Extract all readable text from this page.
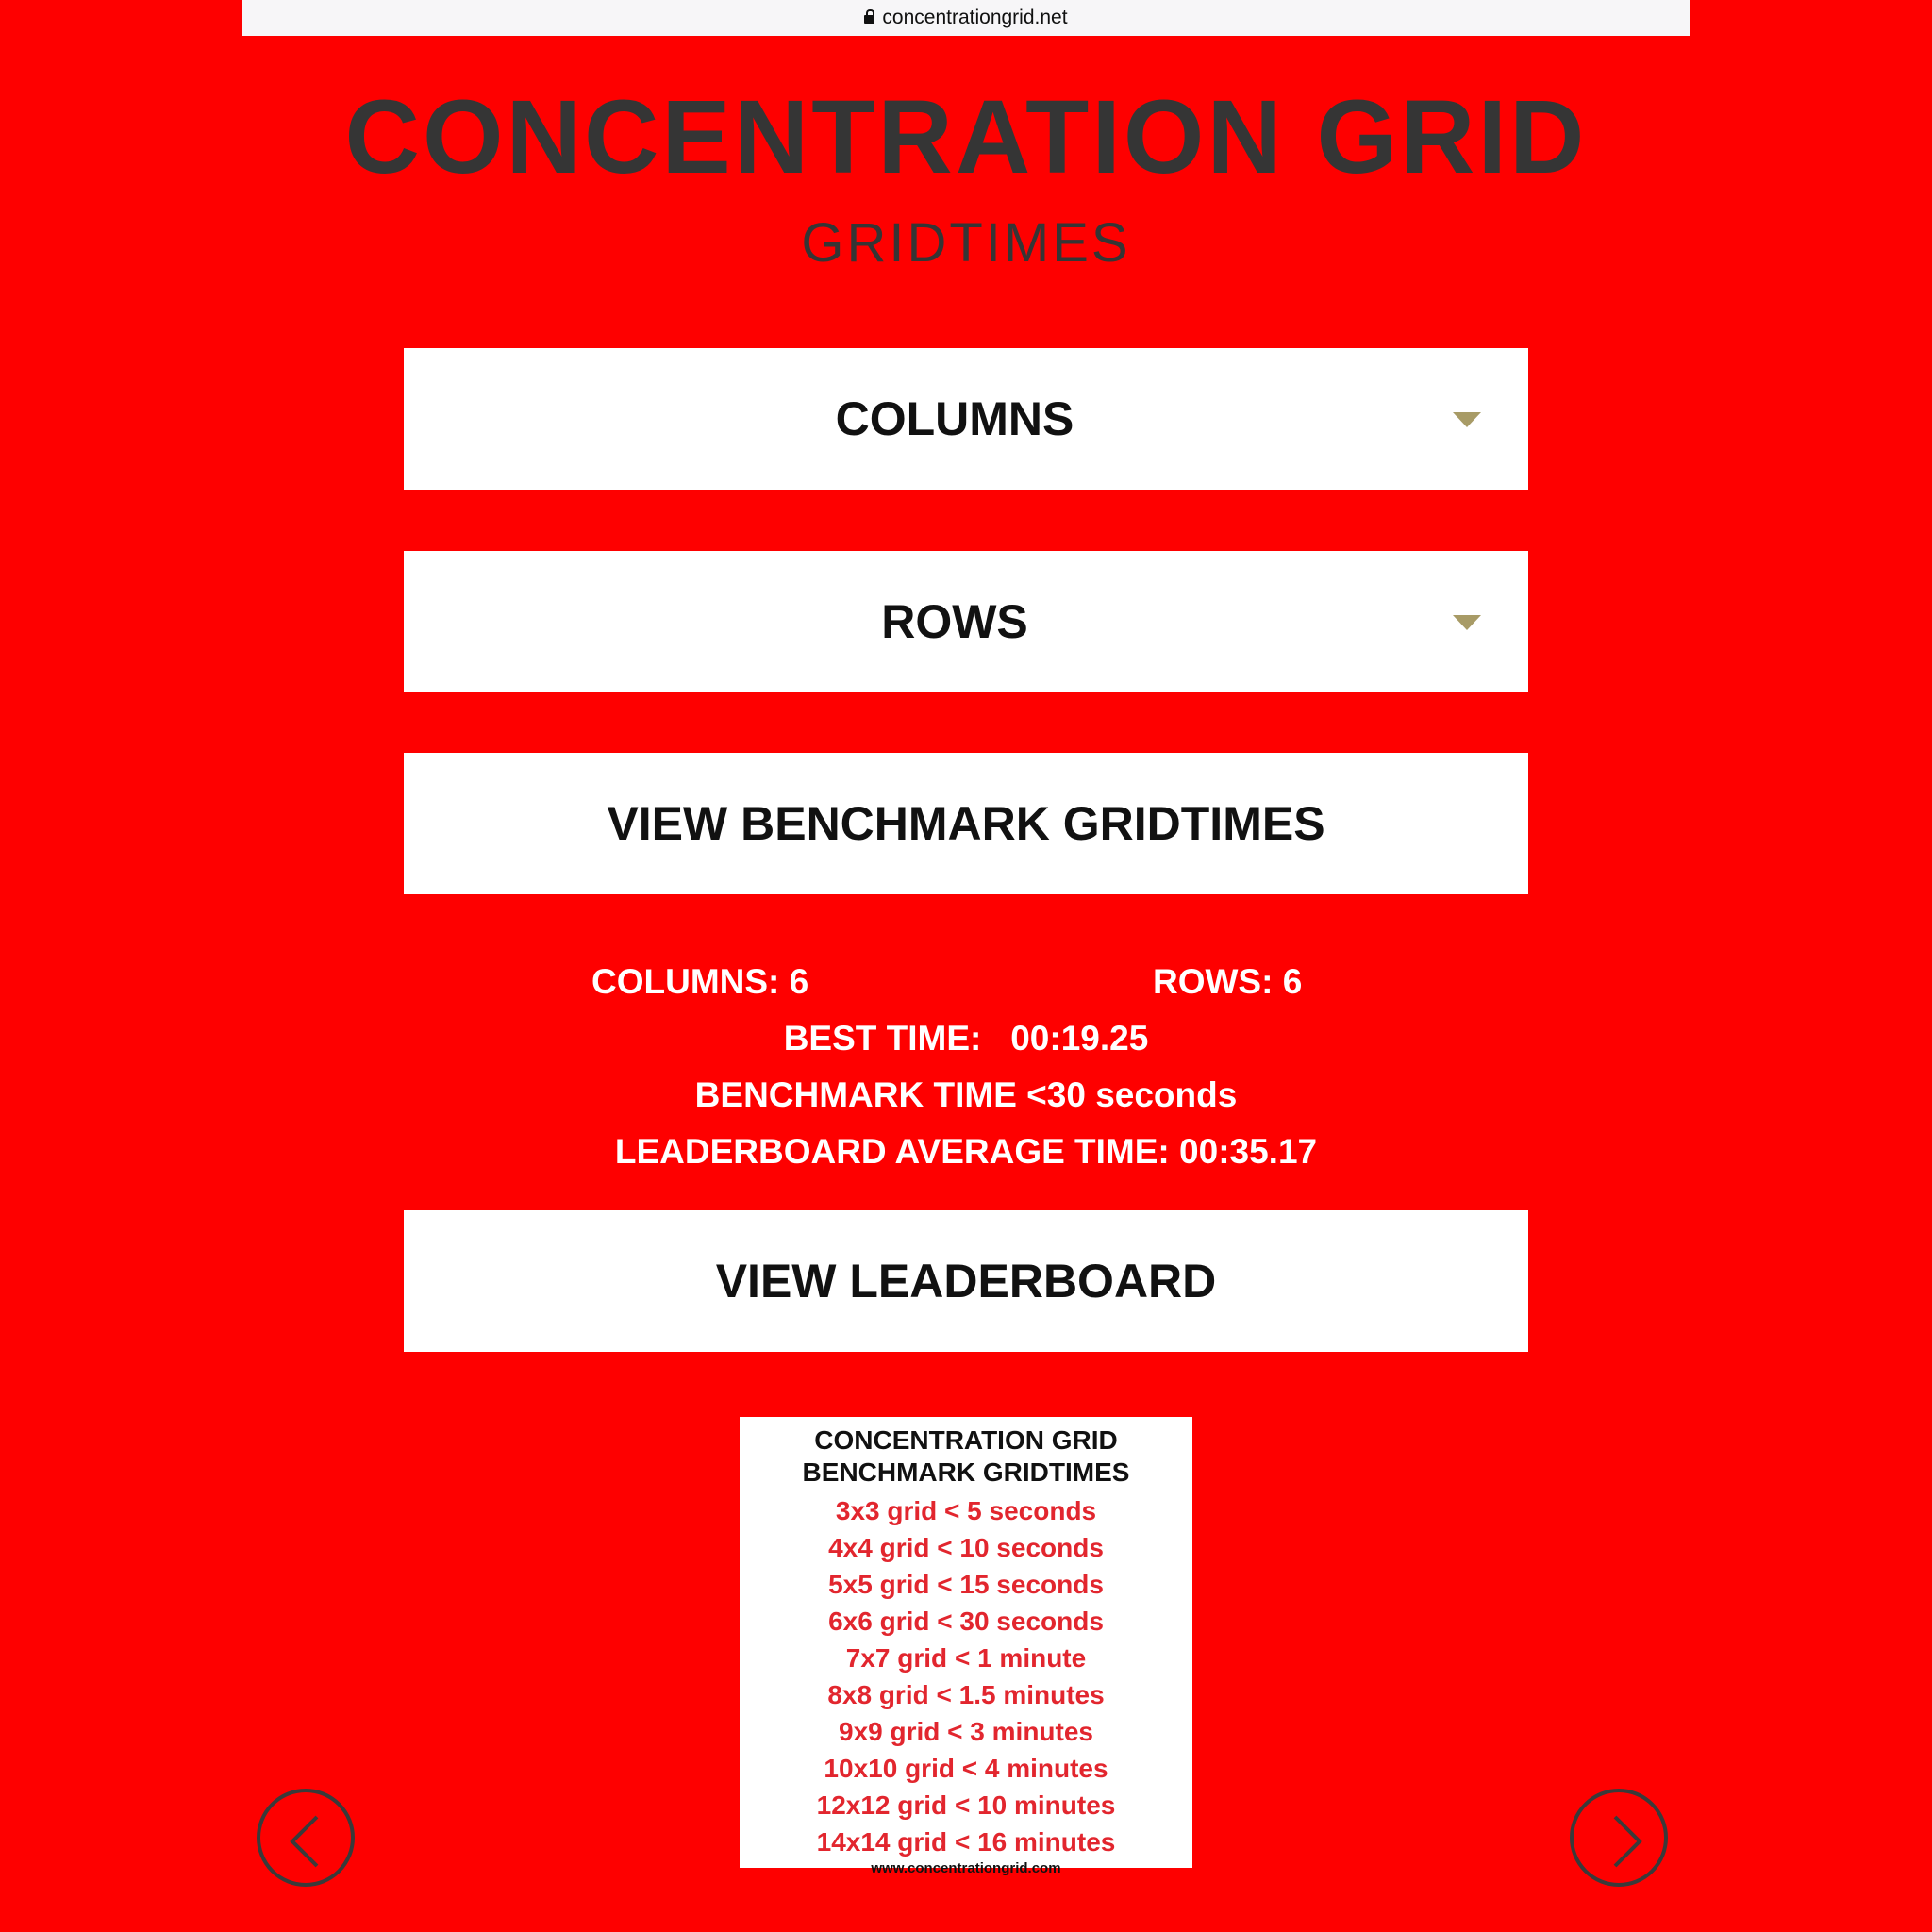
concentrationgrid.net
CONCENTRATION GRID
GRIDTIMES
COLUMNS
ROWS
VIEW BENCHMARK GRIDTIMES
COLUMNS: 6	ROWS: 6
BEST TIME: 00:19.25
BENCHMARK TIME <30 seconds
LEADERBOARD AVERAGE TIME: 00:35.17
VIEW LEADERBOARD
CONCENTRATION GRID
BENCHMARK GRIDTIMES
3x3 grid < 5 seconds
4x4 grid < 10 seconds
5x5 grid < 15 seconds
6x6 grid < 30 seconds
7x7 grid < 1 minute
8x8 grid < 1.5 minutes
9x9 grid < 3 minutes
10x10 grid < 4 minutes
12x12 grid < 10 minutes
14x14 grid < 16 minutes
www.concentrationgrid.com
